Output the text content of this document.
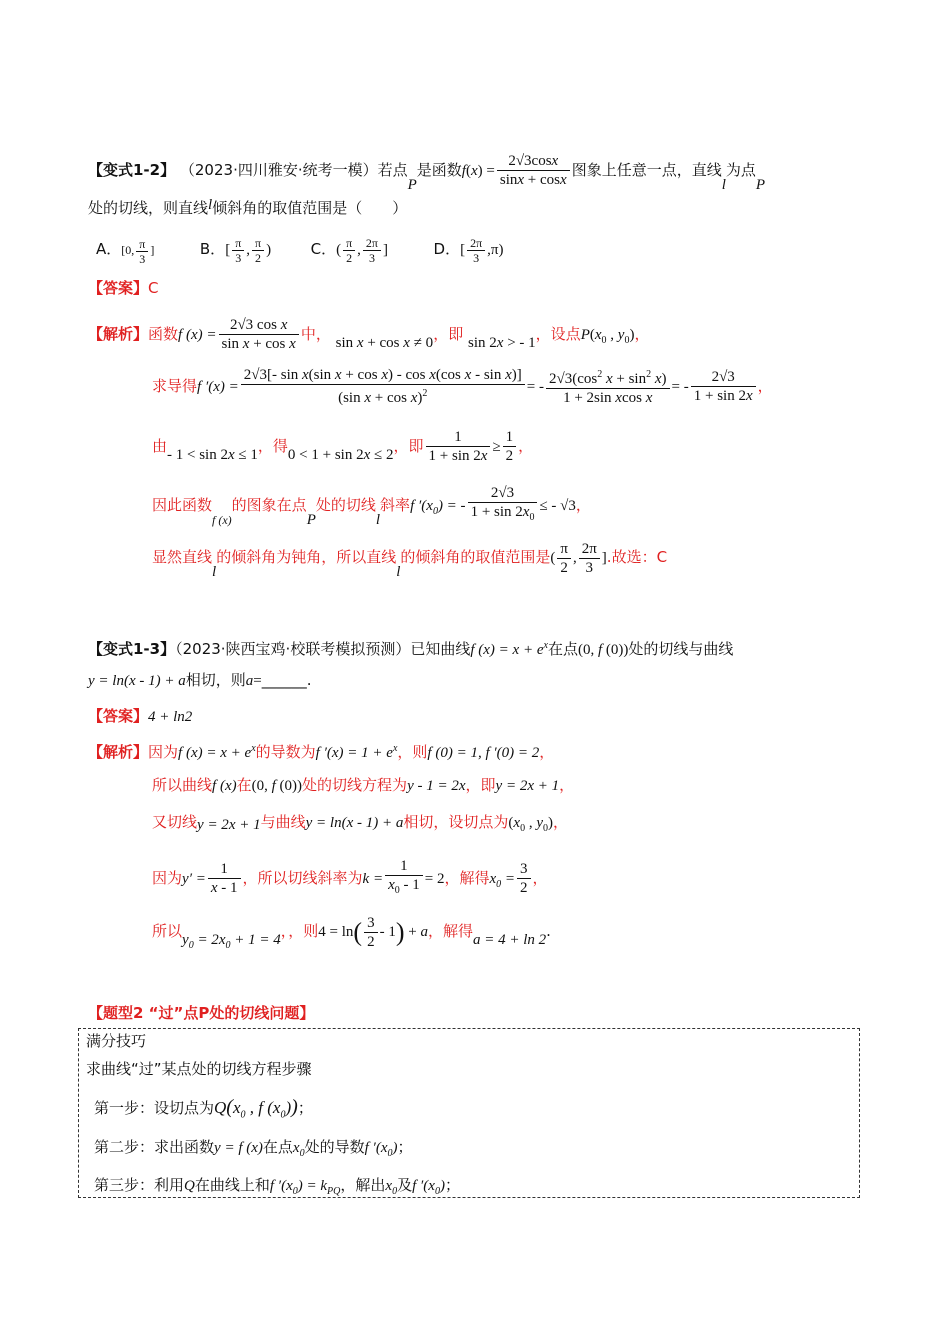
【变式1-2】 （2023·四川雅安·统考一模）若点P是函数$f(x) = \frac{2√3\cos x}{\sin x + \cos x}$ 图象上任意一点，直线l为点P
处的切线，则直线l倾斜角的取值范围是（　　）
A．[0, $\frac{\pi}{3}$ ]	B．[ $\frac{\pi}{3}$ , $\frac{\pi}{2}$ )	C．( $\frac{\pi}{2}$ , $\frac{2\pi}{3}$ ]	D．[ $\frac{2\pi}{3} ,\pi$)
【答案】C
【解析】函数f $(x) = \frac{\text{2√3 cos x}}{\text{sin x + cos x}}$ 中， sin x + cos x ≠ 0，即 sin 2x > - 1，设点$P(x_0$ , $y_0$)，
求导得f $'(x) = \frac{\text{2√3[- sin x(sin x + cos x) - cos x(cos x - sin x)]}}{(\sin x + \cos x)^2}$ = - $\frac{2√3(\cos^2 x + \sin^2 x)}{\text{1 + 2sin xcos x}}$ = - $\frac{2√3}{1 + \sin 2x}$ ，
由- 1 < sin 2x ≤ 1，得0 < 1 + sin 2x ≤ 2，即 $\frac{1}{1 + \sin 2x} \ge \frac{1}{2}$ ，
因此函数$_{f (x)}$的图象在点P处的切线l斜率f $'(x_0)$ = - $\frac{2√3}{1 + \sin 2x_0}$ ≤ - √3，
显然直线l的倾斜角为钝角，所以直线l的倾斜角的取值范围是( $\frac{\pi}{2}$ , $\frac{2\pi}{3}$ ].故选：C
【变式1-3】（2023·陕西宝鸡·校联考模拟预测）已知曲线f $(x) = x + e^x$在点(0, f (0))处的切线与曲线
y = ln(x - 1) + a相切，则a=______.
【答案】4 + ln2
【解析】因为f $(x) = x + e^x$的导数为f $'(x) = 1 + e^x$，则f (0) = 1, f ′(0) = 2，
所以曲线f (x)在(0, f (0))处的切线方程为y - 1 = 2x，即y = 2x + 1，
又切线y = 2x + 1与曲线y = ln(x - 1) + a相切，设切点为($x_0$ , $y_0$)，
因为$y' = \frac{1}{x - 1}$ ，所以切线斜率为$k = \frac{1}{x_0 - 1} = 2$，解得$x_0 = \frac{3}{2}$ ，
所以$y_0 = 2x_0 + 1 = 4$，，则$4 = \ln( \frac{3}{2} - 1) + a$，解得a = 4 + ln 2.
【题型2 “过”点P处的切线问题】
满分技巧
求曲线“过”某点处的切线方程步骤
第一步：设切点为$Q(x_0$ , f $(x_0)$)；
第二步：求出函数y = f (x)在点$x_0$处的导数f $'(x_0)$；
第三步：利用Q在曲线上和f $'(x_0) = k_{PQ}$，解出$x_0$及f $'(x_0)$；
